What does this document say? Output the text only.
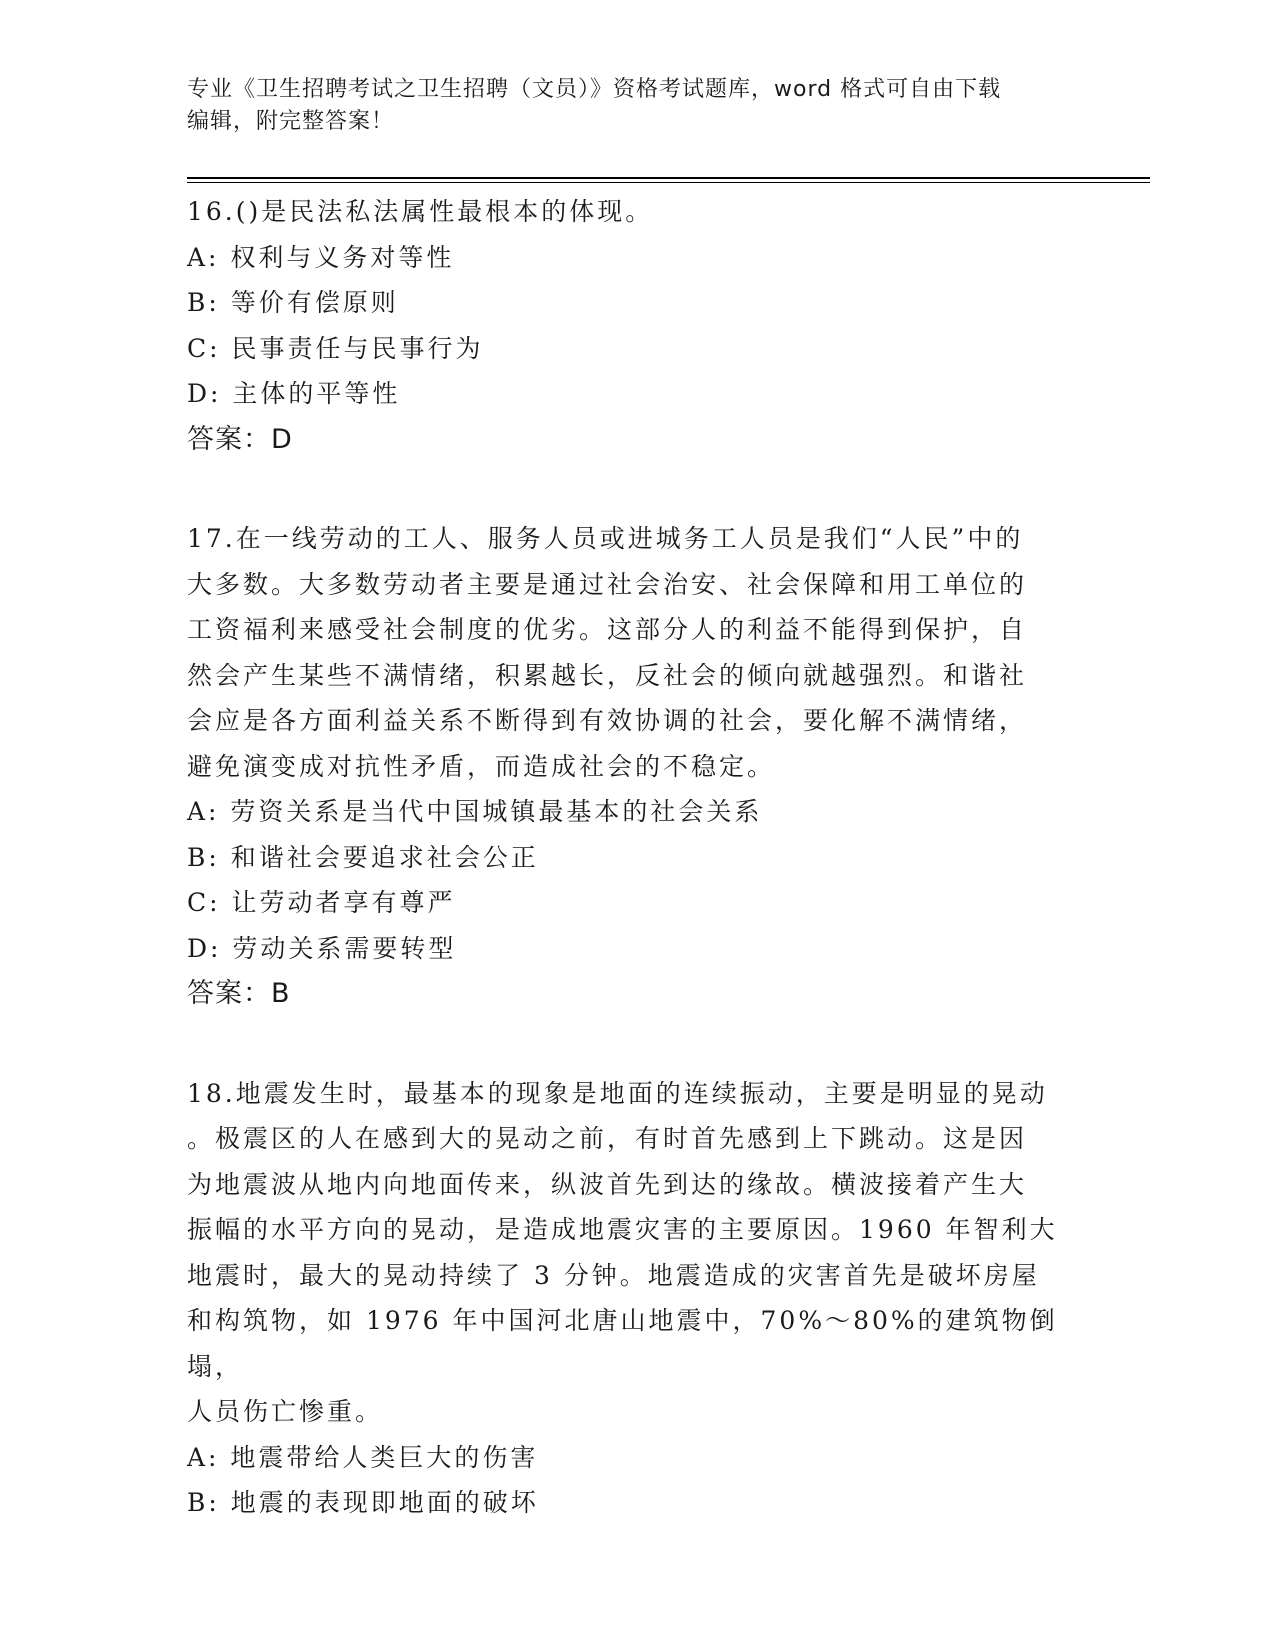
专业《卫生招聘考试之卫生招聘（文员）》资格考试题库，word 格式可自由下载
编辑，附完整答案！

16.()是民法私法属性最根本的体现。

A: 权利与义务对等性

B: 等价有偿原则

C: 民事责任与民事行为

D: 主体的平等性

答案：D

17.在一线劳动的工人、服务人员或进城务工人员是我们“人民”中的

大多数。大多数劳动者主要是通过社会治安、社会保障和用工单位的

工资福利来感受社会制度的优劣。这部分人的利益不能得到保护，自

然会产生某些不满情绪，积累越长，反社会的倾向就越强烈。和谐社

会应是各方面利益关系不断得到有效协调的社会，要化解不满情绪，

避免演变成对抗性矛盾，而造成社会的不稳定。

A: 劳资关系是当代中国城镇最基本的社会关系

B: 和谐社会要追求社会公正

C: 让劳动者享有尊严

D: 劳动关系需要转型

答案：B

18.地震发生时，最基本的现象是地面的连续振动，主要是明显的晃动

。极震区的人在感到大的晃动之前，有时首先感到上下跳动。这是因

为地震波从地内向地面传来，纵波首先到达的缘故。横波接着产生大

振幅的水平方向的晃动，是造成地震灾害的主要原因。1960 年智利大

地震时，最大的晃动持续了 3 分钟。地震造成的灾害首先是破坏房屋

和构筑物，如 1976 年中国河北唐山地震中，70%～80%的建筑物倒塌，

人员伤亡惨重。

A: 地震带给人类巨大的伤害

B: 地震的表现即地面的破坏
